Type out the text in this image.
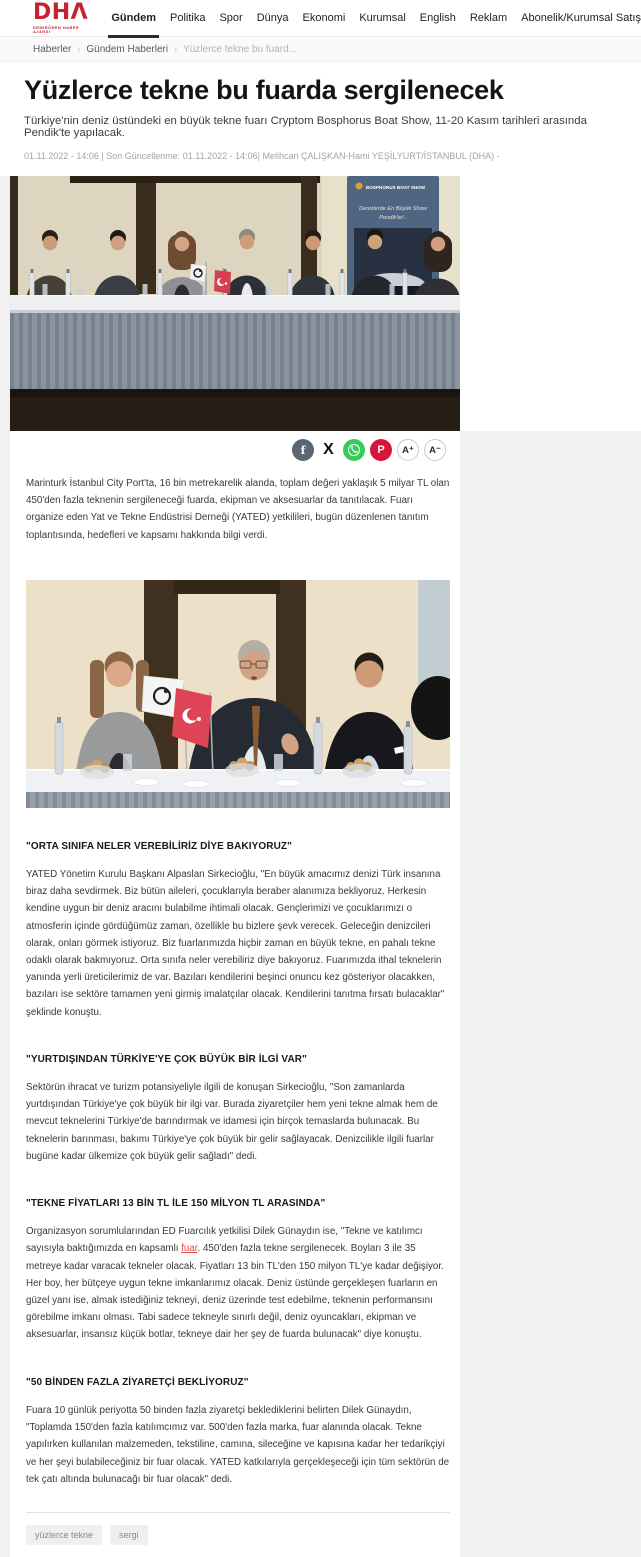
DHΛ
DEMİRÖREN HABER AJANSI
Gündem Politika Spor Dünya Ekonomi Kurumsal English Reklam Abonelik/Kurumsal Satış
Haberler › Gündem Haberleri › Yüzlerce tekne bu fuard...
Yüzlerce tekne bu fuarda sergilenecek
Türkiye'nin deniz üstündeki en büyük tekne fuarı Cryptom Bosphorus Boat Show, 11-20 Kasım tarihleri arasında Pendik'te yapılacak.
01.11.2022 - 14:06 | Son Güncellenme: 01.11.2022 - 14:06| Melihcan ÇALIŞKAN-Hami YEŞİLYURT/İSTANBUL (DHA) -
BOSPHORUS BOAT SHOW
Denizlerde En Büyük Show
Pendik'te!..
f	X	P	A⁺	A⁻

Marinturk İstanbul City Port'ta, 16 bin metrekarelik alanda, toplam değeri yaklaşık 5 milyar TL olan 450'den fazla teknenin sergileneceği fuarda, ekipman ve aksesuarlar da tanıtılacak. Fuarı organize eden Yat ve Tekne Endüstrisi Derneği (YATED) yetkilileri, bugün düzenlenen tanıtım toplantısında, hedefleri ve kapsamı hakkında bilgi verdi.

"ORTA SINIFA NELER VEREBİLİRİZ DİYE BAKIYORUZ"

YATED Yönetim Kurulu Başkanı Alpaslan Sirkecioğlu, "En büyük amacımız denizi Türk insanına biraz daha sevdirmek. Biz bütün aileleri, çocuklarıyla beraber alanımıza bekliyoruz. Herkesin kendine uygun bir deniz aracını bulabilme ihtimali olacak. Gençlerimizi ve çocuklarımızı o atmosferin içinde gördüğümüz zaman, özellikle bu bizlere şevk verecek. Geleceğin denizcileri olarak, onları görmek istiyoruz. Biz fuarlarımızda hiçbir zaman en büyük tekne, en pahalı tekne odaklı olarak bakmıyoruz. Orta sınıfa neler verebiliriz diye bakıyoruz. Fuarımızda ithal teknelerin yanında yerli üreticilerimiz de var. Bazıları kendilerini beşinci onuncu kez gösteriyor olacakken, bazıları ise sektöre tamamen yeni girmiş imalatçılar olacak. Kendilerini tanıtma fırsatı bulacaklar" şeklinde konuştu.

"YURTDIŞINDAN TÜRKİYE'YE ÇOK BÜYÜK BİR İLGİ VAR"

Sektörün ihracat ve turizm potansiyeliyle ilgili de konuşan Sirkecioğlu, "Son zamanlarda yurtdışından Türkiye'ye çok büyük bir ilgi var. Burada ziyaretçiler hem yeni tekne almak hem de mevcut teknelerini Türkiye'de barındırmak ve idamesi için birçok temaslarda bulunacak. Bu teknelerin barınması, bakımı Türkiye'ye çok büyük bir gelir sağlayacak. Denizcilikle ilgili fuarlar bugüne kadar ülkemize çok büyük gelir sağladı" dedi.

"TEKNE FİYATLARI 13 BİN TL İLE 150 MİLYON TL ARASINDA"

Organizasyon sorumlularından ED Fuarcılık yetkilisi Dilek Günaydın ise, "Tekne ve katılımcı sayısıyla baktığımızda en kapsamlı fuar. 450'den fazla tekne sergilenecek. Boyları 3 ile 35 metreye kadar varacak tekneler olacak. Fiyatları 13 bin TL'den 150 milyon TL'ye kadar değişiyor. Her boy, her bütçeye uygun tekne imkanlarımız olacak. Deniz üstünde gerçekleşen fuarların en güzel yanı ise, almak istediğiniz tekneyi, deniz üzerinde test edebilme, teknenin performansını görebilme imkanı olması. Tabi sadece tekneyle sınırlı değil, deniz oyuncakları, ekipman ve aksesuarlar, insansız küçük botlar, tekneye dair her şey de fuarda bulunacak" diye konuştu.

"50 BİNDEN FAZLA ZİYARETÇİ BEKLİYORUZ"

Fuara 10 günlük periyotta 50 binden fazla ziyaretçi beklediklerini belirten Dilek Günaydın, "Toplamda 150'den fazla katılımcımız var. 500'den fazla marka, fuar alanında olacak. Tekne yapılırken kullanılan malzemeden, tekstiline, camına, sileceğine ve kapısına kadar her tedarikçiyi ve her şeyi bulabileceğiniz bir fuar olacak. YATED katkılarıyla gerçekleşeceği için tüm sektörün de tek çatı altında bulunacağı bir fuar olacak" dedi.

yüzlerce tekne	sergi
